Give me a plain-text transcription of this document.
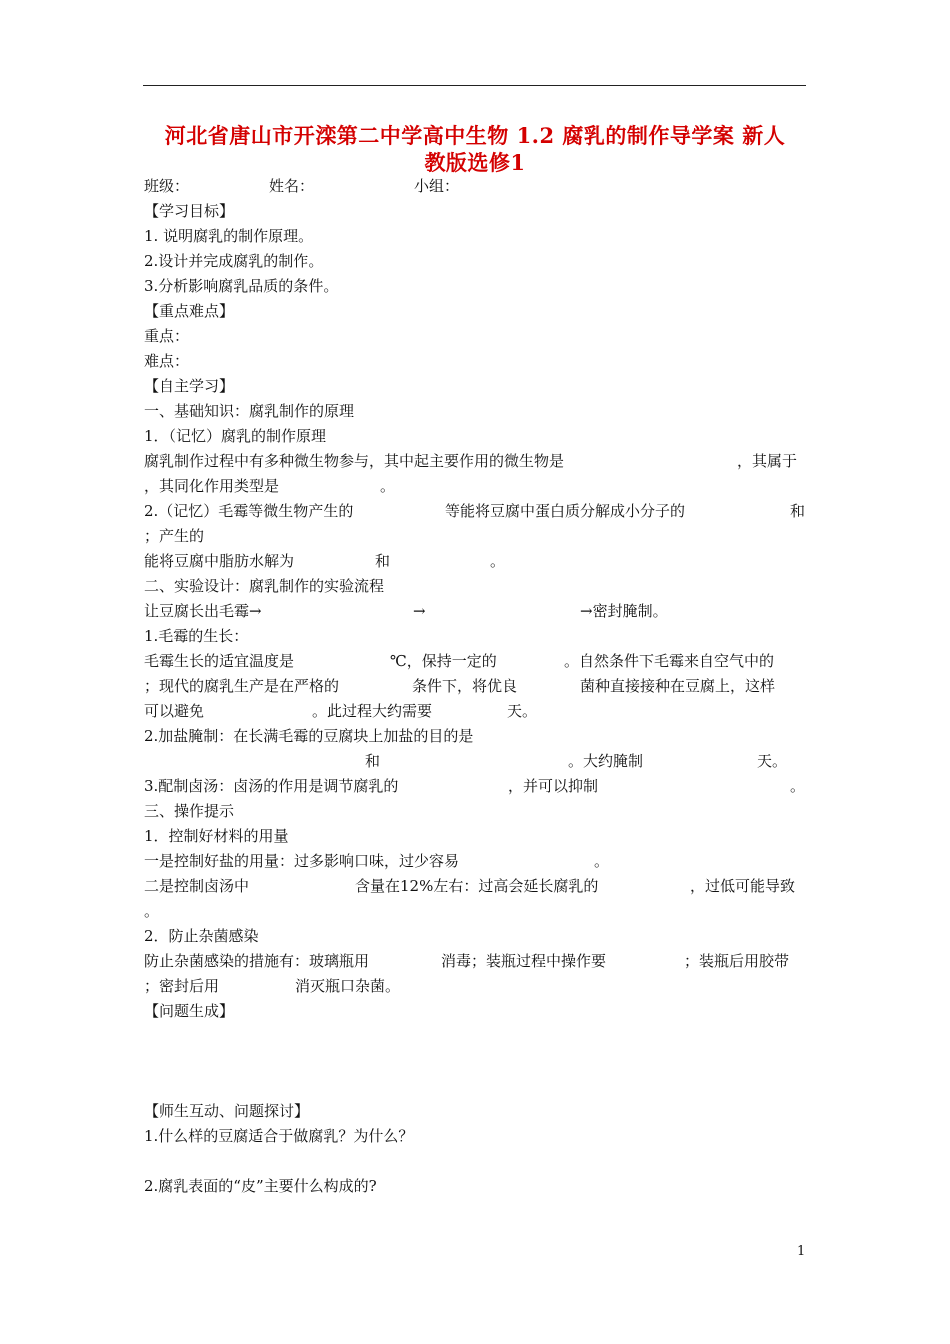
河北省唐山市开滦第二中学高中生物 1.2 腐乳的制作导学案 新人
教版选修1
班级：	姓名：	小组：
【学习目标】
1. 说明腐乳的制作原理。
2.设计并完成腐乳的制作。
3.分析影响腐乳品质的条件。
【重点难点】
重点：
难点：
【自主学习】
一、基础知识：腐乳制作的原理
1．（记忆）腐乳的制作原理
腐乳制作过程中有多种微生物参与，其中起主要作用的微生物是	，其属于
，其同化作用类型是	。
2.（记忆）毛霉等微生物产生的	等能将豆腐中蛋白质分解成小分子的	和
；产生的
能将豆腐中脂肪水解为	和	。
二、实验设计：腐乳制作的实验流程
让豆腐长出毛霉→	→	→密封腌制。
1.毛霉的生长：
毛霉生长的适宜温度是	℃，保持一定的	。自然条件下毛霉来自空气中的
；现代的腐乳生产是在严格的	条件下，将优良	菌种直接接种在豆腐上，这样
可以避免	。此过程大约需要	天。
2.加盐腌制：在长满毛霉的豆腐块上加盐的目的是
和	。大约腌制	天。
3.配制卤汤：卤汤的作用是调节腐乳的	，并可以抑制	。
三、操作提示
1．控制好材料的用量
一是控制好盐的用量：过多影响口味，过少容易	。
二是控制卤汤中	含量在12%左右：过高会延长腐乳的	，过低可能导致
。
2．防止杂菌感染
防止杂菌感染的措施有：玻璃瓶用	消毒；装瓶过程中操作要	；装瓶后用胶带
；密封后用	消灭瓶口杂菌。
【问题生成】
【师生互动、问题探讨】
1.什么样的豆腐适合于做腐乳？为什么？
2.腐乳表面的“皮”主要什么构成的?
1
